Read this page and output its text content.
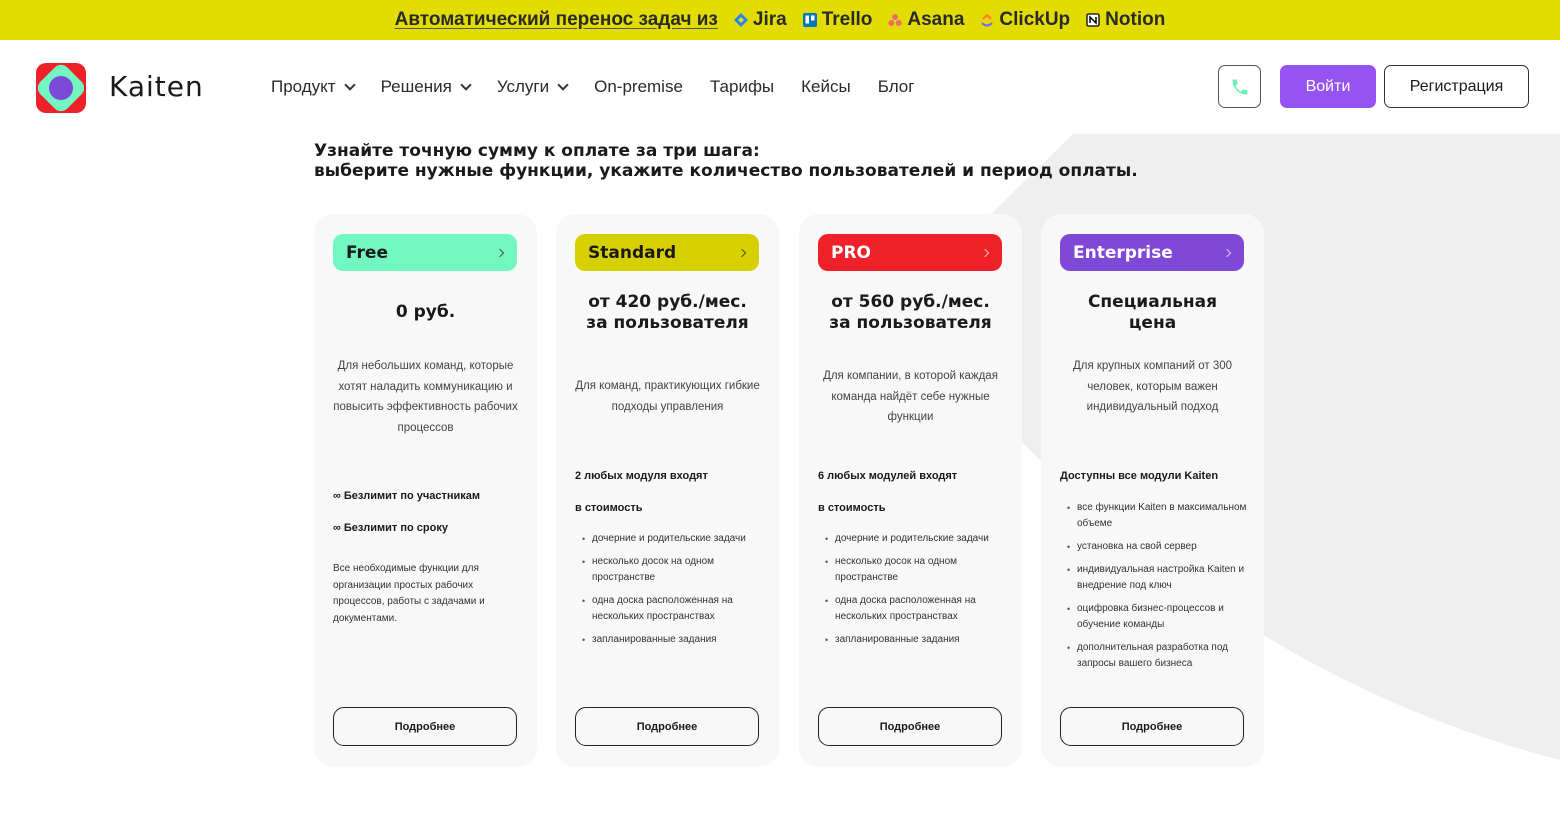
Автоматический перенос задач из Jira Trello Asana ClickUp Notion
Kaiten	Продукт	Решения	Услуги	On-premise Тарифы Кейсы Блог	Войти	Регистрация
Узнайте точную сумму к оплате за три шага:
выберите нужные функции, укажите количество пользователей и период оплаты.
Free
0 руб.
Для небольших команд, которые хотят наладить коммуникацию и повысить эффективность рабочих процессов
∞ Безлимит по участникам
∞ Безлимит по сроку
Все необходимые функции для организации простых рабочих процессов, работы с задачами и документами.
Подробнее
Standard
от 420 руб./мес.
за пользователя
Для команд, практикующих гибкие подходы управления
2 любых модуля входят
в стоимость
• дочерние и родительские задачи
• несколько досок на одном пространстве
• одна доска расположенная на нескольких пространствах
• запланированные задания
Подробнее
PRO
от 560 руб./мес.
за пользователя
Для компании, в которой каждая команда найдёт себе нужные функции
6 любых модулей входят
в стоимость
• дочерние и родительские задачи
• несколько досок на одном пространстве
• одна доска расположенная на нескольких пространствах
• запланированные задания
Подробнее
Enterprise
Специальная
цена
Для крупных компаний от 300 человек, которым важен индивидуальный подход
Доступны все модули Kaiten
• все функции Kaiten в максимальном объеме
• установка на свой сервер
• индивидуальная настройка Kaiten и внедрение под ключ
• оцифровка бизнес-процессов и обучение команды
• дополнительная разработка под запросы вашего бизнеса
Подробнее
